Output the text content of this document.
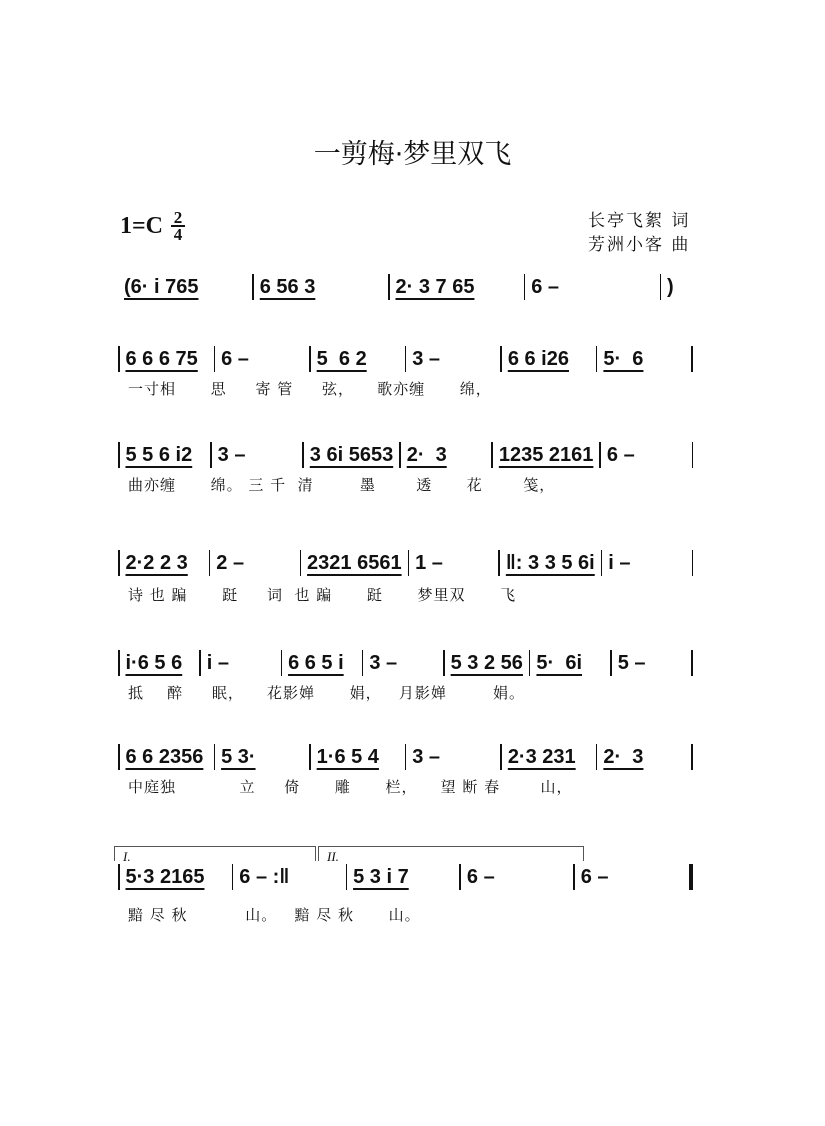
一剪梅·梦里双飞
$1=C \frac{2}{4}$	长亭飞絮 词
芳洲小客 曲
I.	II.
(6· i 765	6 56 3	2· 3 7 65	6 –	)
6 6 6 75	6 –	5  6 2	3 –	6 6 i26	5·  6
一寸相      思     寄 管     弦，    歌亦缠      绵，
5 5 6 i2	3 –	3 6i 5653 2·  3	1235 2161 6 –
曲亦缠      绵。 三 千  清        墨       透      花       笺，
2·2 2 3	2 –	2321 6561 1 –	‖: 3 3 5 6i i –
诗 也 蹁      跹     词  也 蹁      跹      梦里双      飞
i·6 5 6	i –	6 6 5 i	3 –	5 3 2 56 5·  6i	5 –
抵    醉     眠，    花影婵      娟，   月影婵        娟。
6 6 2356 5 3·	1·6 5 4	3 –	2·3 231	2·  3
中庭独           立     倚      雕      栏，    望 断 春       山，
5·3 2165	6 – :‖	5 3 i 7	6 –	6 –
黯 尽 秋          山。   黯 尽 秋      山。
